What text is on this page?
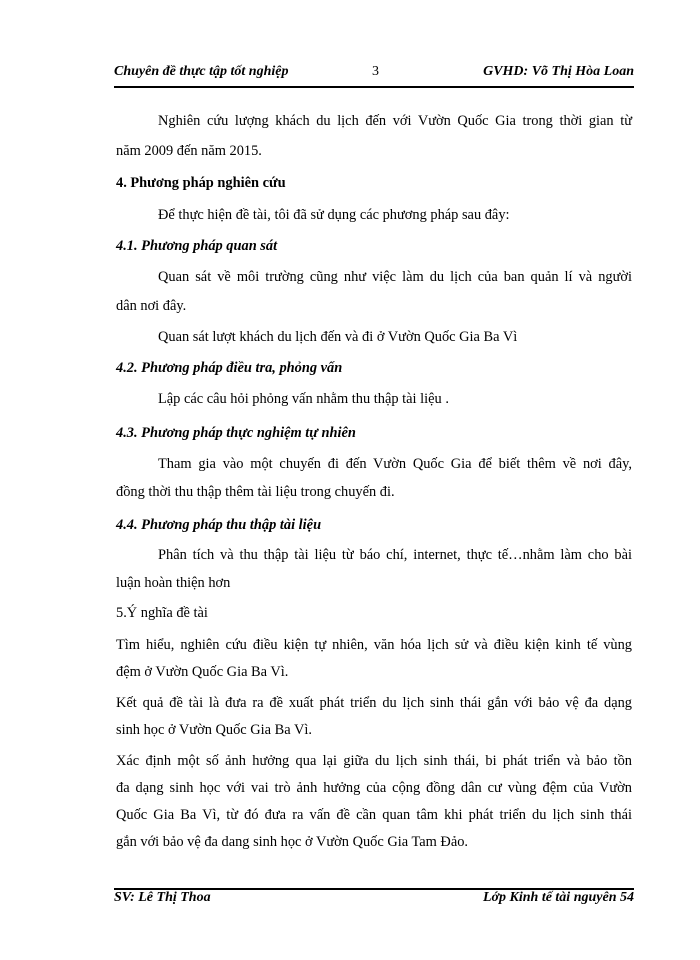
Chuyên đề thực tập tốt nghiệp	3	GVHD: Võ Thị Hòa Loan
Nghiên cứu lượng khách du lịch đến với Vườn Quốc Gia trong thời gian từ
năm 2009 đến năm 2015.
4. Phương pháp nghiên cứu
Để thực hiện đề tài, tôi đã sử dụng các phương pháp sau đây:
4.1. Phương pháp quan sát
Quan sát về môi trường cũng như việc làm du lịch của ban quản lí và người
dân nơi đây.
Quan sát lượt khách du lịch đến và đi ở Vườn Quốc Gia Ba Vì
4.2. Phương pháp điều tra, phỏng vấn
Lập các câu hỏi phỏng vấn nhằm thu thập tài liệu .
4.3. Phương pháp thực nghiệm tự nhiên
Tham gia vào một chuyến đi đến Vườn Quốc Gia để biết thêm về nơi đây,
đồng thời thu thập thêm tài liệu trong chuyến đi.
4.4. Phương pháp thu thập tài liệu
Phân tích và thu thập tài liệu từ báo chí, internet, thực tế…nhằm làm cho bài
luận hoàn thiện hơn
5.Ý nghĩa đề tài
Tìm hiểu, nghiên cứu điều kiện tự nhiên, văn hóa lịch sử và điều kiện kinh tế vùng
đệm ở Vườn Quốc Gia Ba Vì.
Kết quả đề tài là đưa ra đề xuất phát triển du lịch sinh thái gắn với bảo vệ đa dạng
sinh học ở Vườn Quốc Gia Ba Vì.
Xác định một số ảnh hưởng qua lại giữa du lịch sinh thái, bi phát triển và bảo tồn
đa dạng sinh học với vai trò ảnh hưởng của cộng đồng dân cư vùng đệm của Vườn
Quốc Gia Ba Vì, từ đó đưa ra vấn đề cần quan tâm khi phát triển du lịch sinh thái
gắn với bảo vệ đa dang sinh học ở Vườn Quốc Gia Tam Đảo.
SV: Lê Thị Thoa	Lớp Kinh tế tài nguyên 54
